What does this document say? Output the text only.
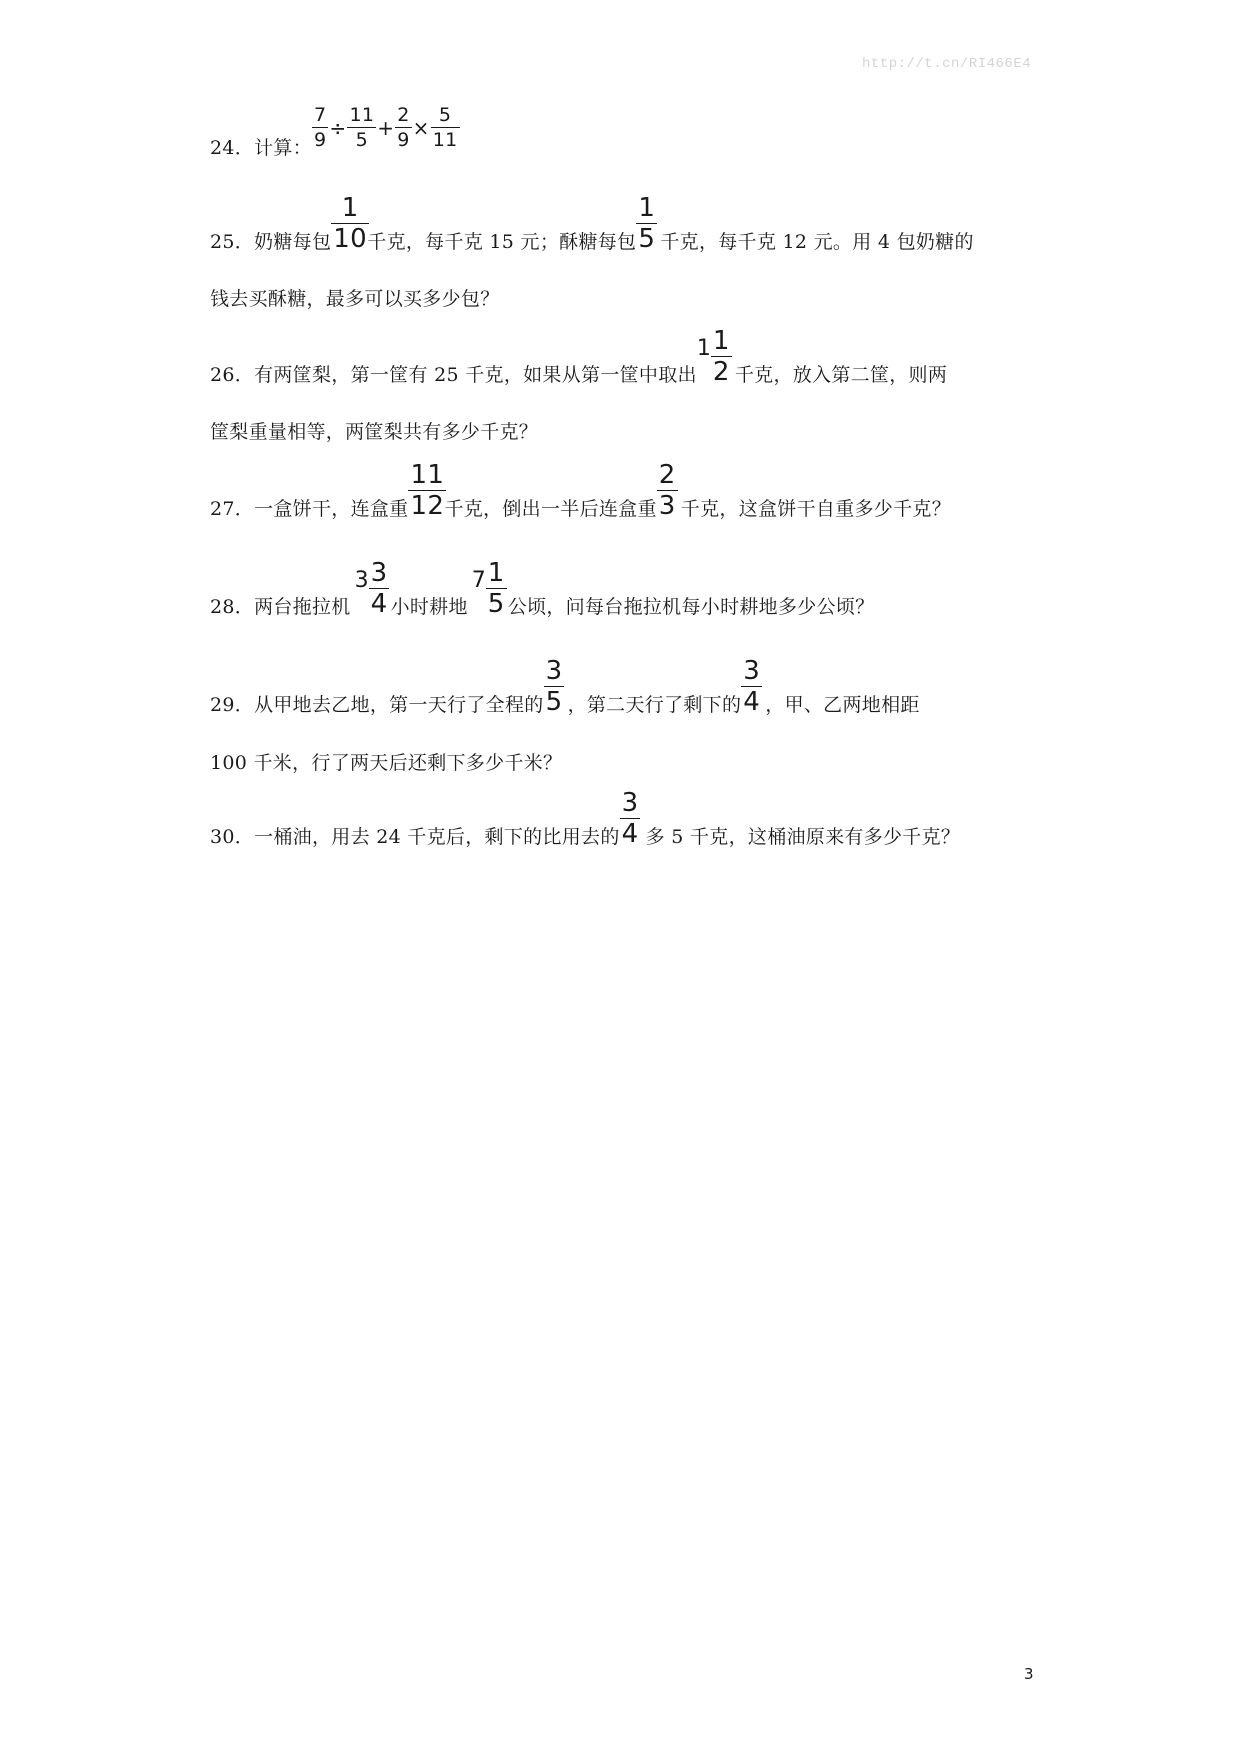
http://t.cn/RI466E4
24．计算： $\frac{7}{9} \div \frac{11}{5} + \frac{2}{9} \times \frac{5}{11}$
25．奶糖每包 $\frac{1}{10}$
千克，每千克 15 元；酥糖每包 $\frac{1}{5}$ 千克，每千克 12 元。用 4 包奶糖的
钱去买酥糖，最多可以买多少包？
26．有两筐梨，第一筐有 25 千克，如果从第一筐中取出
$1 \frac{1}{2}$ 千克，放入第二筐，则两
筐梨重量相等，两筐梨共有多少千克？
27．一盒饼干，连盒重 $\frac{11}{12}$
千克，倒出一半后连盒重 $\frac{2}{3}$ 千克，这盒饼干自重多少千克？
28．两台拖拉机
$3 \frac{3}{4}$ 小时耕地
$7 \frac{1}{5}$ 公顷，问每台拖拉机每小时耕地多少公顷？
29．从甲地去乙地，第一天行了全程的 $\frac{3}{5}$ ，第二天行了剩下的 $\frac{3}{4}$ ，甲、乙两地相距
100 千米，行了两天后还剩下多少千米？
30．一桶油，用去 24 千克后，剩下的比用去的 $\frac{3}{4}$ 多 5 千克，这桶油原来有多少千克？
3
